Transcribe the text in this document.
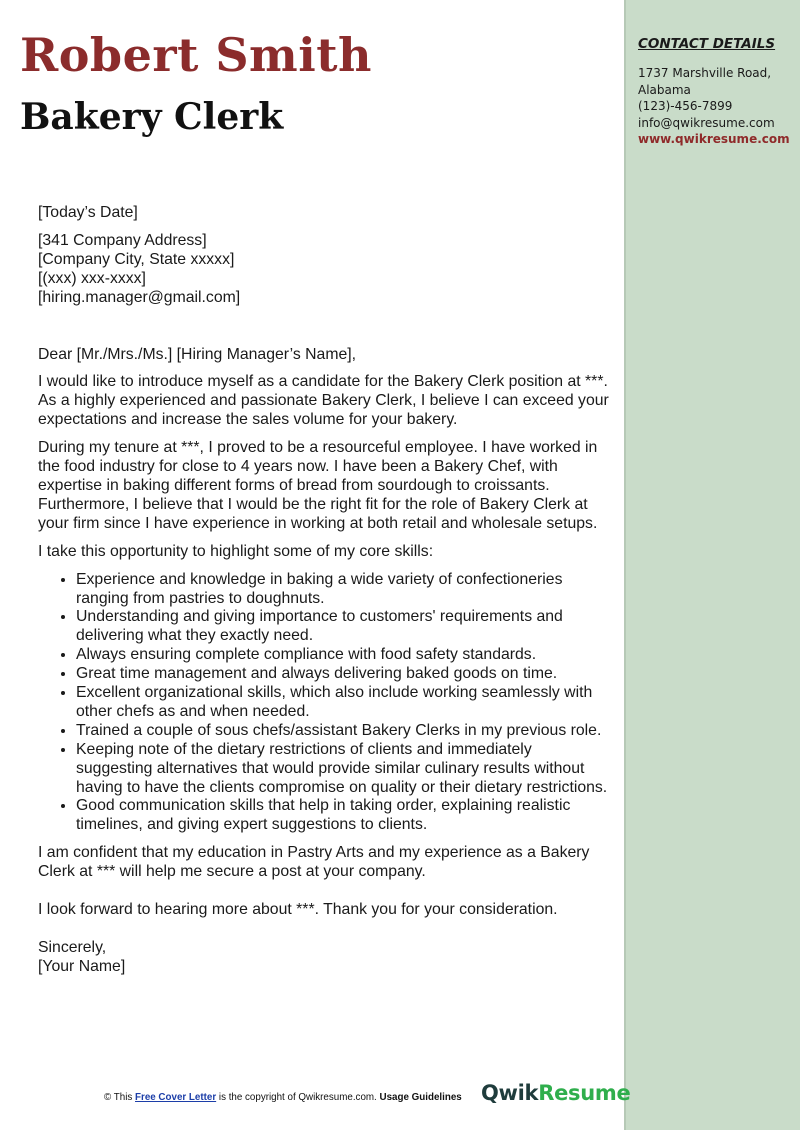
Robert Smith
Bakery Clerk
CONTACT DETAILS
1737 Marshville Road,
Alabama
(123)-456-7899
info@qwikresume.com
www.qwikresume.com

[Today’s Date]

[341 Company Address]
[Company City, State xxxxx]
[(xxx) xxx-xxxx]
[hiring.manager@gmail.com]

Dear [Mr./Mrs./Ms.] [Hiring Manager’s Name],

I would like to introduce myself as a candidate for the Bakery Clerk position at ***. As a highly experienced and passionate Bakery Clerk, I believe I can exceed your expectations and increase the sales volume for your bakery.

During my tenure at ***, I proved to be a resourceful employee. I have worked in the food industry for close to 4 years now. I have been a Bakery Chef, with expertise in baking different forms of bread from sourdough to croissants. Furthermore, I believe that I would be the right fit for the role of Bakery Clerk at your firm since I have experience in working at both retail and wholesale setups.

I take this opportunity to highlight some of my core skills:

• Experience and knowledge in baking a wide variety of confectioneries ranging from pastries to doughnuts.
• Understanding and giving importance to customers' requirements and delivering what they exactly need.
• Always ensuring complete compliance with food safety standards.
• Great time management and always delivering baked goods on time.
• Excellent organizational skills, which also include working seamlessly with other chefs as and when needed.
• Trained a couple of sous chefs/assistant Bakery Clerks in my previous role.
• Keeping note of the dietary restrictions of clients and immediately suggesting alternatives that would provide similar culinary results without having to have the clients compromise on quality or their dietary restrictions.
• Good communication skills that help in taking order, explaining realistic timelines, and giving expert suggestions to clients.

I am confident that my education in Pastry Arts and my experience as a Bakery Clerk at *** will help me secure a post at your company.

I look forward to hearing more about ***. Thank you for your consideration.

Sincerely,

[Your Name]

© This Free Cover Letter is the copyright of Qwikresume.com. Usage Guidelines QwikResume
